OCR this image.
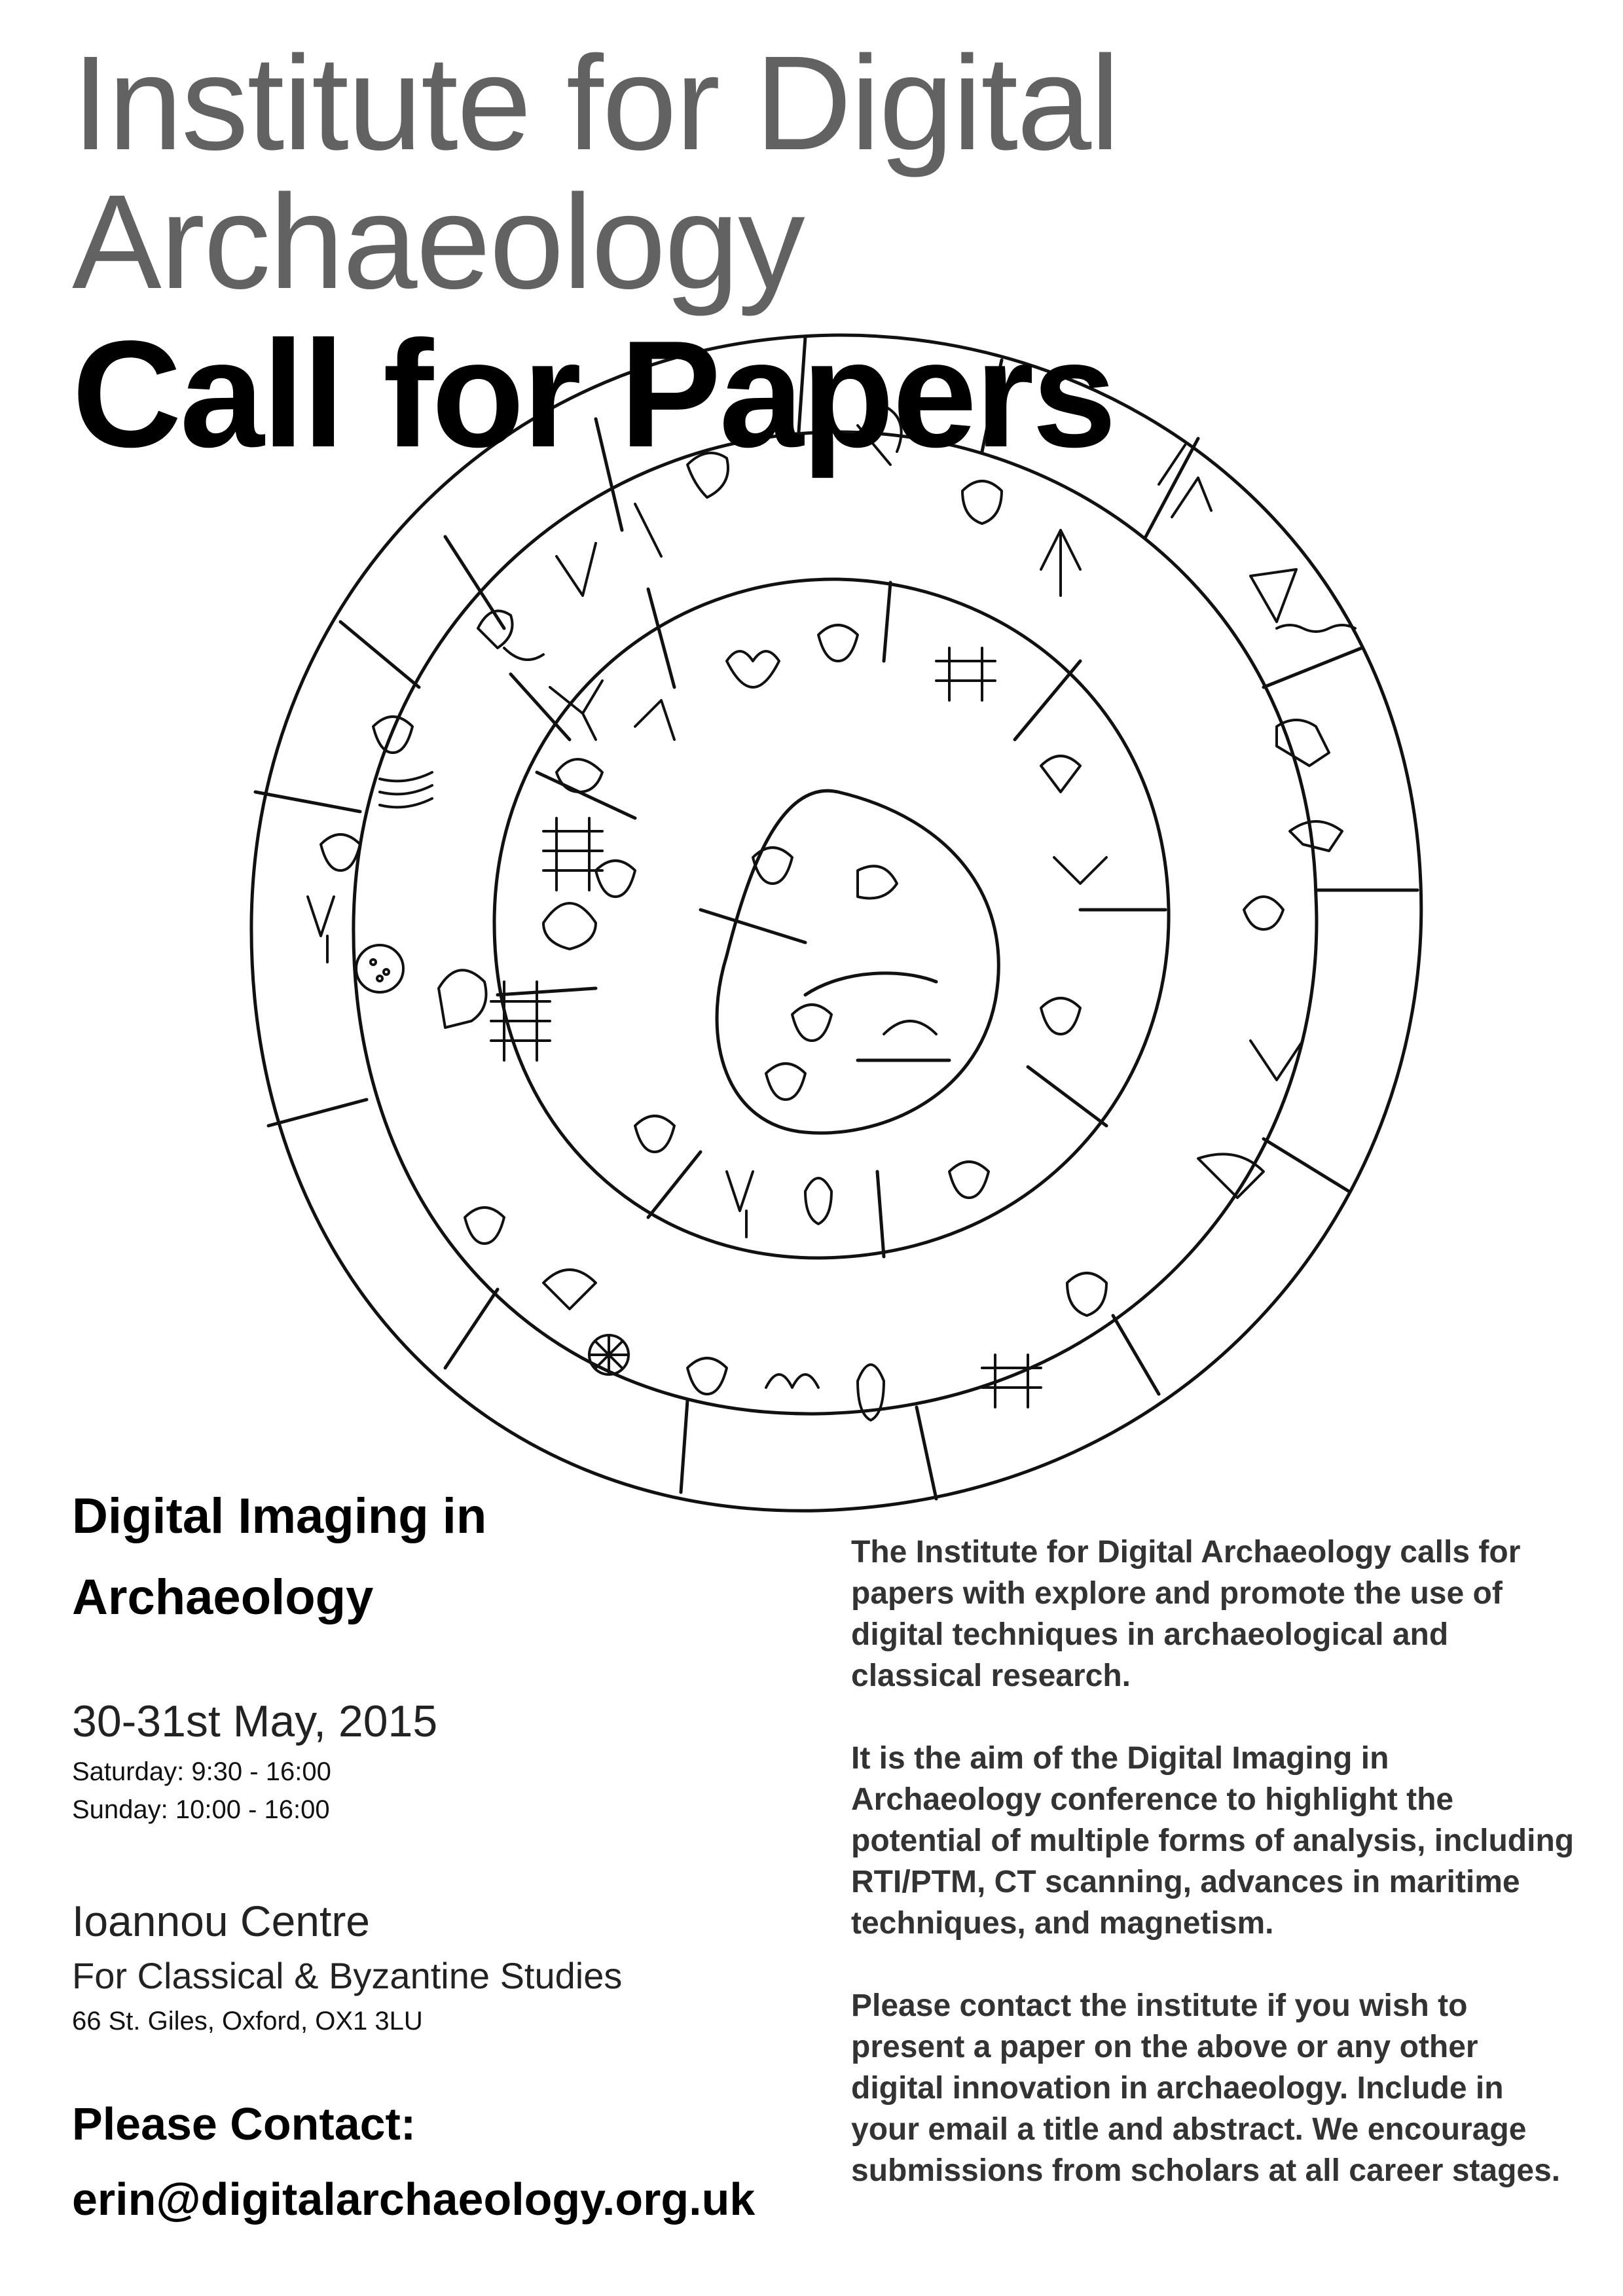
Institute for Digital
Archaeology
Call for Papers
Digital Imaging in
Archaeology
30-31st May, 2015
Saturday: 9:30 - 16:00
Sunday: 10:00 - 16:00
Ioannou Centre
For Classical & Byzantine Studies
66 St. Giles, Oxford, OX1 3LU
Please Contact:
erin@digitalarchaeology.org.uk

The Institute for Digital Archaeology calls for papers with explore and promote the use of digital techniques in archaeological and classical research.

It is the aim of the Digital Imaging in Archaeology conference to highlight the potential of multiple forms of analysis, including RTI/PTM, CT scanning, advances in maritime techniques, and magnetism.

Please contact the institute if you wish to present a paper on the above or any other digital innovation in archaeology. Include in your email a title and abstract. We encourage submissions from scholars at all career stages.
